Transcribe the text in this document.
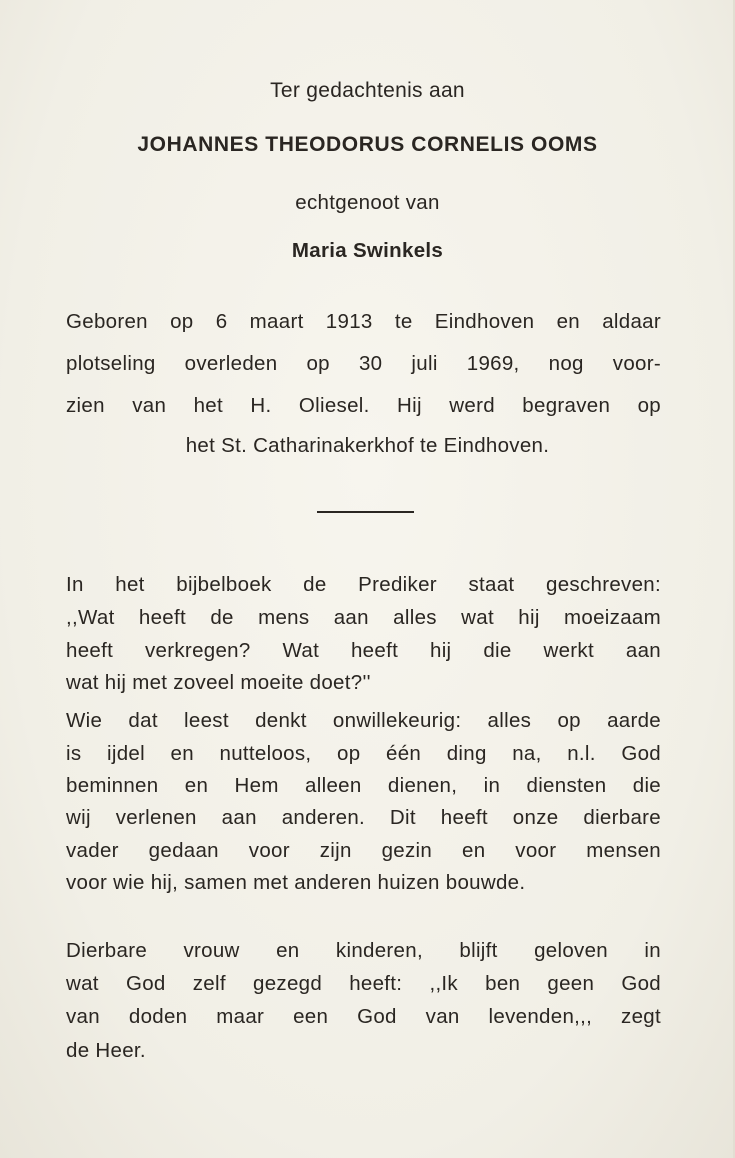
Ter gedachtenis aan

JOHANNES THEODORUS CORNELIS OOMS

echtgenoot van

Maria Swinkels

Geboren op 6 maart 1913 te Eindhoven en aldaar

plotseling overleden op 30 juli 1969, nog voor-

zien van het H. Oliesel. Hij werd begraven op

het St. Catharinakerkhof te Eindhoven.

In het bijbelboek de Prediker staat geschreven:

,,Wat heeft de mens aan alles wat hij moeizaam

heeft verkregen? Wat heeft hij die werkt aan

wat hij met zoveel moeite doet?''

Wie dat leest denkt onwillekeurig: alles op aarde

is ijdel en nutteloos, op één ding na, n.l. God

beminnen en Hem alleen dienen, in diensten die

wij verlenen aan anderen. Dit heeft onze dierbare

vader gedaan voor zijn gezin en voor mensen

voor wie hij, samen met anderen huizen bouwde.

Dierbare vrouw en kinderen, blijft geloven in

wat God zelf gezegd heeft: ,,Ik ben geen God

van doden maar een God van levenden,,, zegt

de Heer.
